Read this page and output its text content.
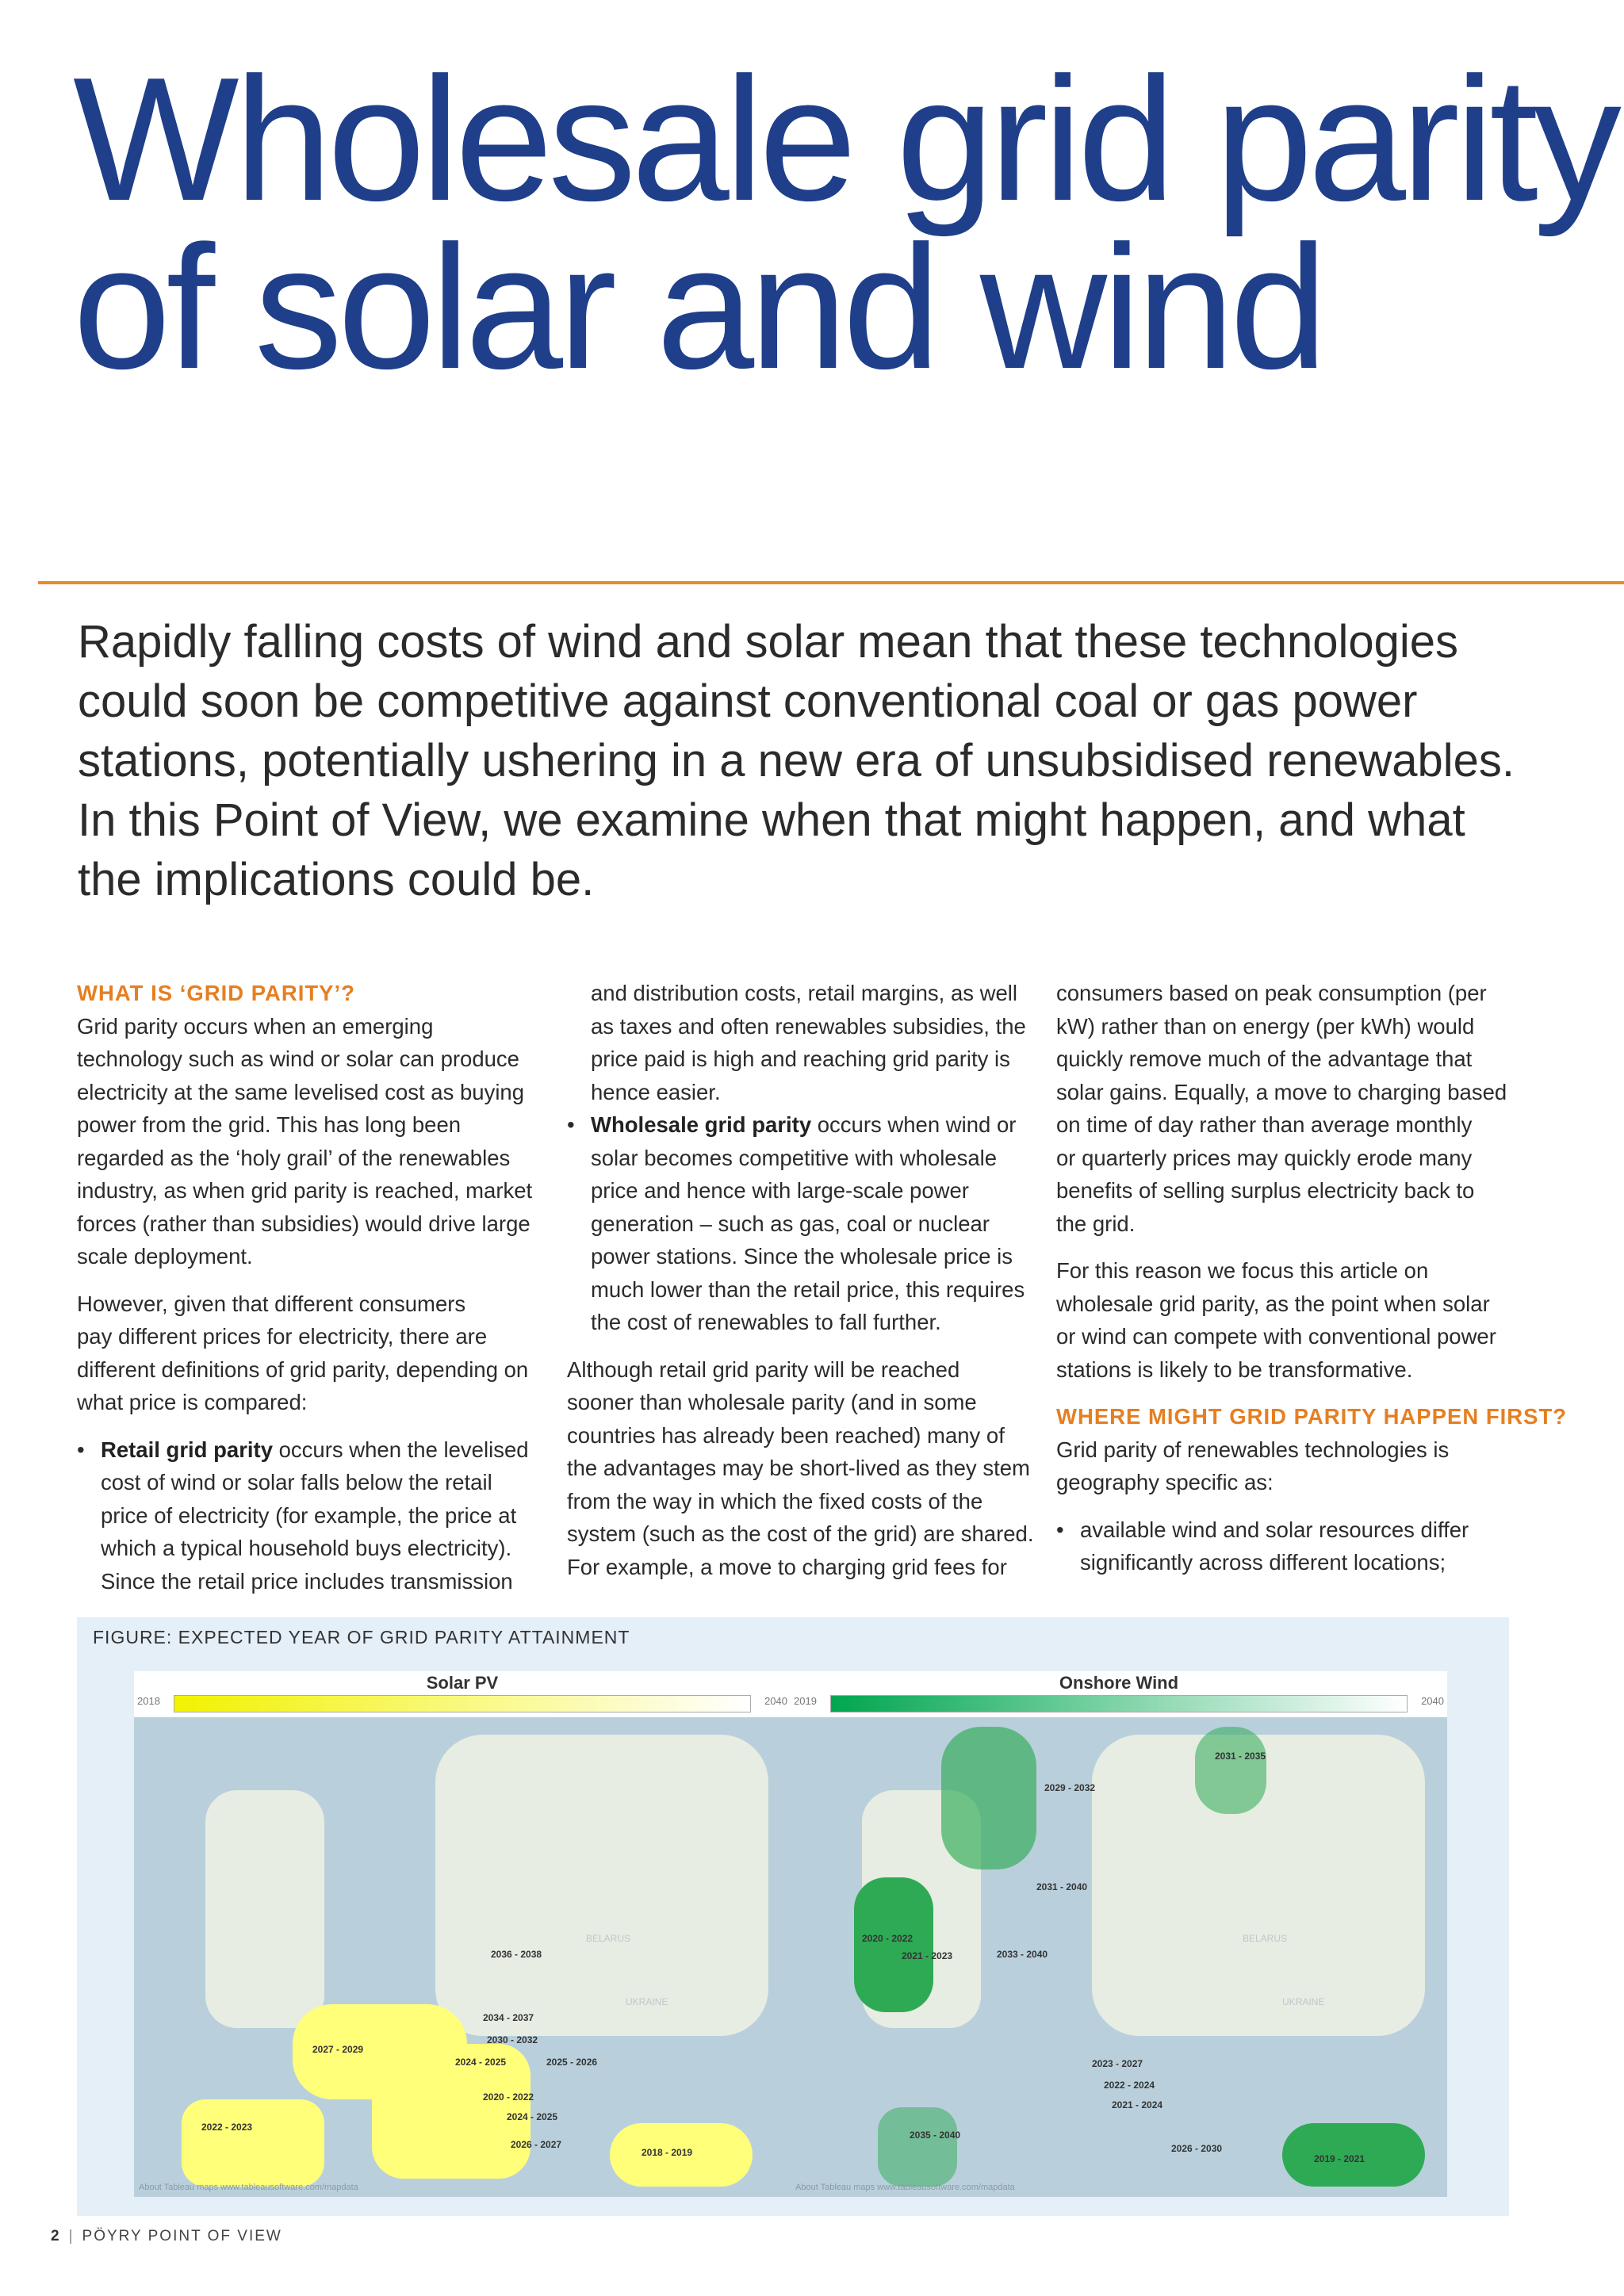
Wholesale grid parity
of solar and wind

Rapidly falling costs of wind and solar mean that these technologies
could soon be competitive against conventional coal or gas power
stations, potentially ushering in a new era of unsubsidised renewables.
In this Point of View, we examine when that might happen, and what
the implications could be.

WHAT IS ‘GRID PARITY’?
Grid parity occurs when an emerging
technology such as wind or solar can produce
electricity at the same levelised cost as buying
power from the grid. This has long been
regarded as the ‘holy grail’ of the renewables
industry, as when grid parity is reached, market
forces (rather than subsidies) would drive large
scale deployment.
However, given that different consumers
pay different prices for electricity, there are
different definitions of grid parity, depending on
what price is compared:
• Retail grid parity occurs when the levelised
cost of wind or solar falls below the retail
price of electricity (for example, the price at
which a typical household buys electricity).
Since the retail price includes transmission
and distribution costs, retail margins, as well
as taxes and often renewables subsidies, the
price paid is high and reaching grid parity is
hence easier.
• Wholesale grid parity occurs when wind or
solar becomes competitive with wholesale
price and hence with large-scale power
generation – such as gas, coal or nuclear
power stations. Since the wholesale price is
much lower than the retail price, this requires
the cost of renewables to fall further.
Although retail grid parity will be reached
sooner than wholesale parity (and in some
countries has already been reached) many of
the advantages may be short-lived as they stem
from the way in which the fixed costs of the
system (such as the cost of the grid) are shared.
For example, a move to charging grid fees for
consumers based on peak consumption (per
kW) rather than on energy (per kWh) would
quickly remove much of the advantage that
solar gains. Equally, a move to charging based
on time of day rather than average monthly
or quarterly prices may quickly erode many
benefits of selling surplus electricity back to
the grid.
For this reason we focus this article on
wholesale grid parity, as the point when solar
or wind can compete with conventional power
stations is likely to be transformative.
WHERE MIGHT GRID PARITY HAPPEN FIRST?
Grid parity of renewables technologies is
geography specific as:
• available wind and solar resources differ
significantly across different locations;
FIGURE: EXPECTED YEAR OF GRID PARITY ATTAINMENT
Solar PV
2018	2040
BELARUS
UKRAINE
2036 - 2038
2034 - 2037
2030 - 2032
2027 - 2029
2024 - 2025	2025 - 2026
2020 - 2022
2024 - 2025
2022 - 2023
2026 - 2027
2018 - 2019
About Tableau maps www.tableausoftware.com/mapdata
Onshore Wind
2019	2040
BELARUS
UKRAINE
2031 - 2035
2029 - 2032
2031 - 2040
2020 - 2022
2021 - 2023	2033 - 2040
2023 - 2027
2022 - 2024
2021 - 2024
2035 - 2040
2026 - 2030
2019 - 2021
About Tableau maps www.tableausoftware.com/mapdata
2 | PÖYRY POINT OF VIEW
